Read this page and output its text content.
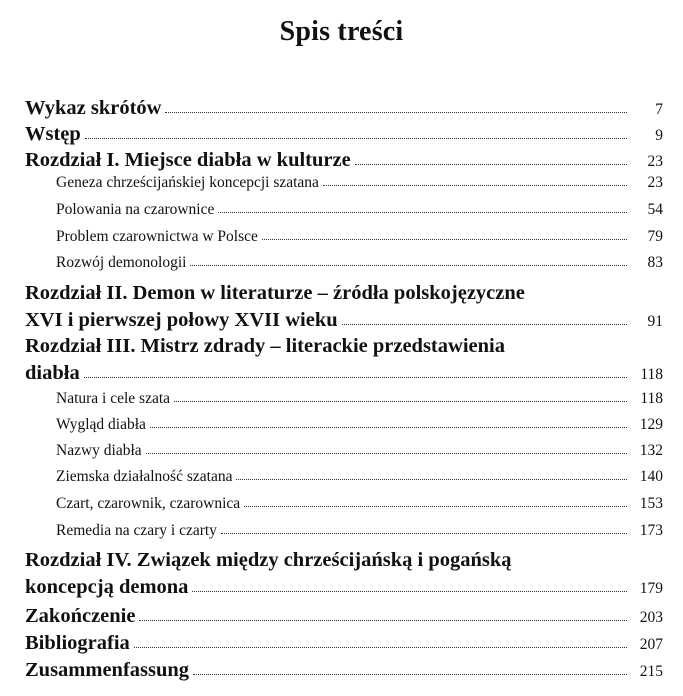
Spis treści
Wykaz skrótów	7
Wstęp	9
Rozdział I. Miejsce diabła w kulturze	23
Geneza chrześcijańskiej koncepcji szatana	23
Polowania na czarownice	54
Problem czarownictwa w Polsce	79
Rozwój demonologii	83
Rozdział II. Demon w literaturze – źródła polskojęzyczne
XVI i pierwszej połowy XVII wieku	91
Rozdział III. Mistrz zdrady – literackie przedstawienia
diabła	118
Natura i cele szata	118
Wygląd diabła	129
Nazwy diabła	132
Ziemska działalność szatana	140
Czart, czarownik, czarownica	153
Remedia na czary i czarty	173
Rozdział IV. Związek między chrześcijańską i pogańską
koncepcją demona	179
Zakończenie	203
Bibliografia	207
Zusammenfassung	215
